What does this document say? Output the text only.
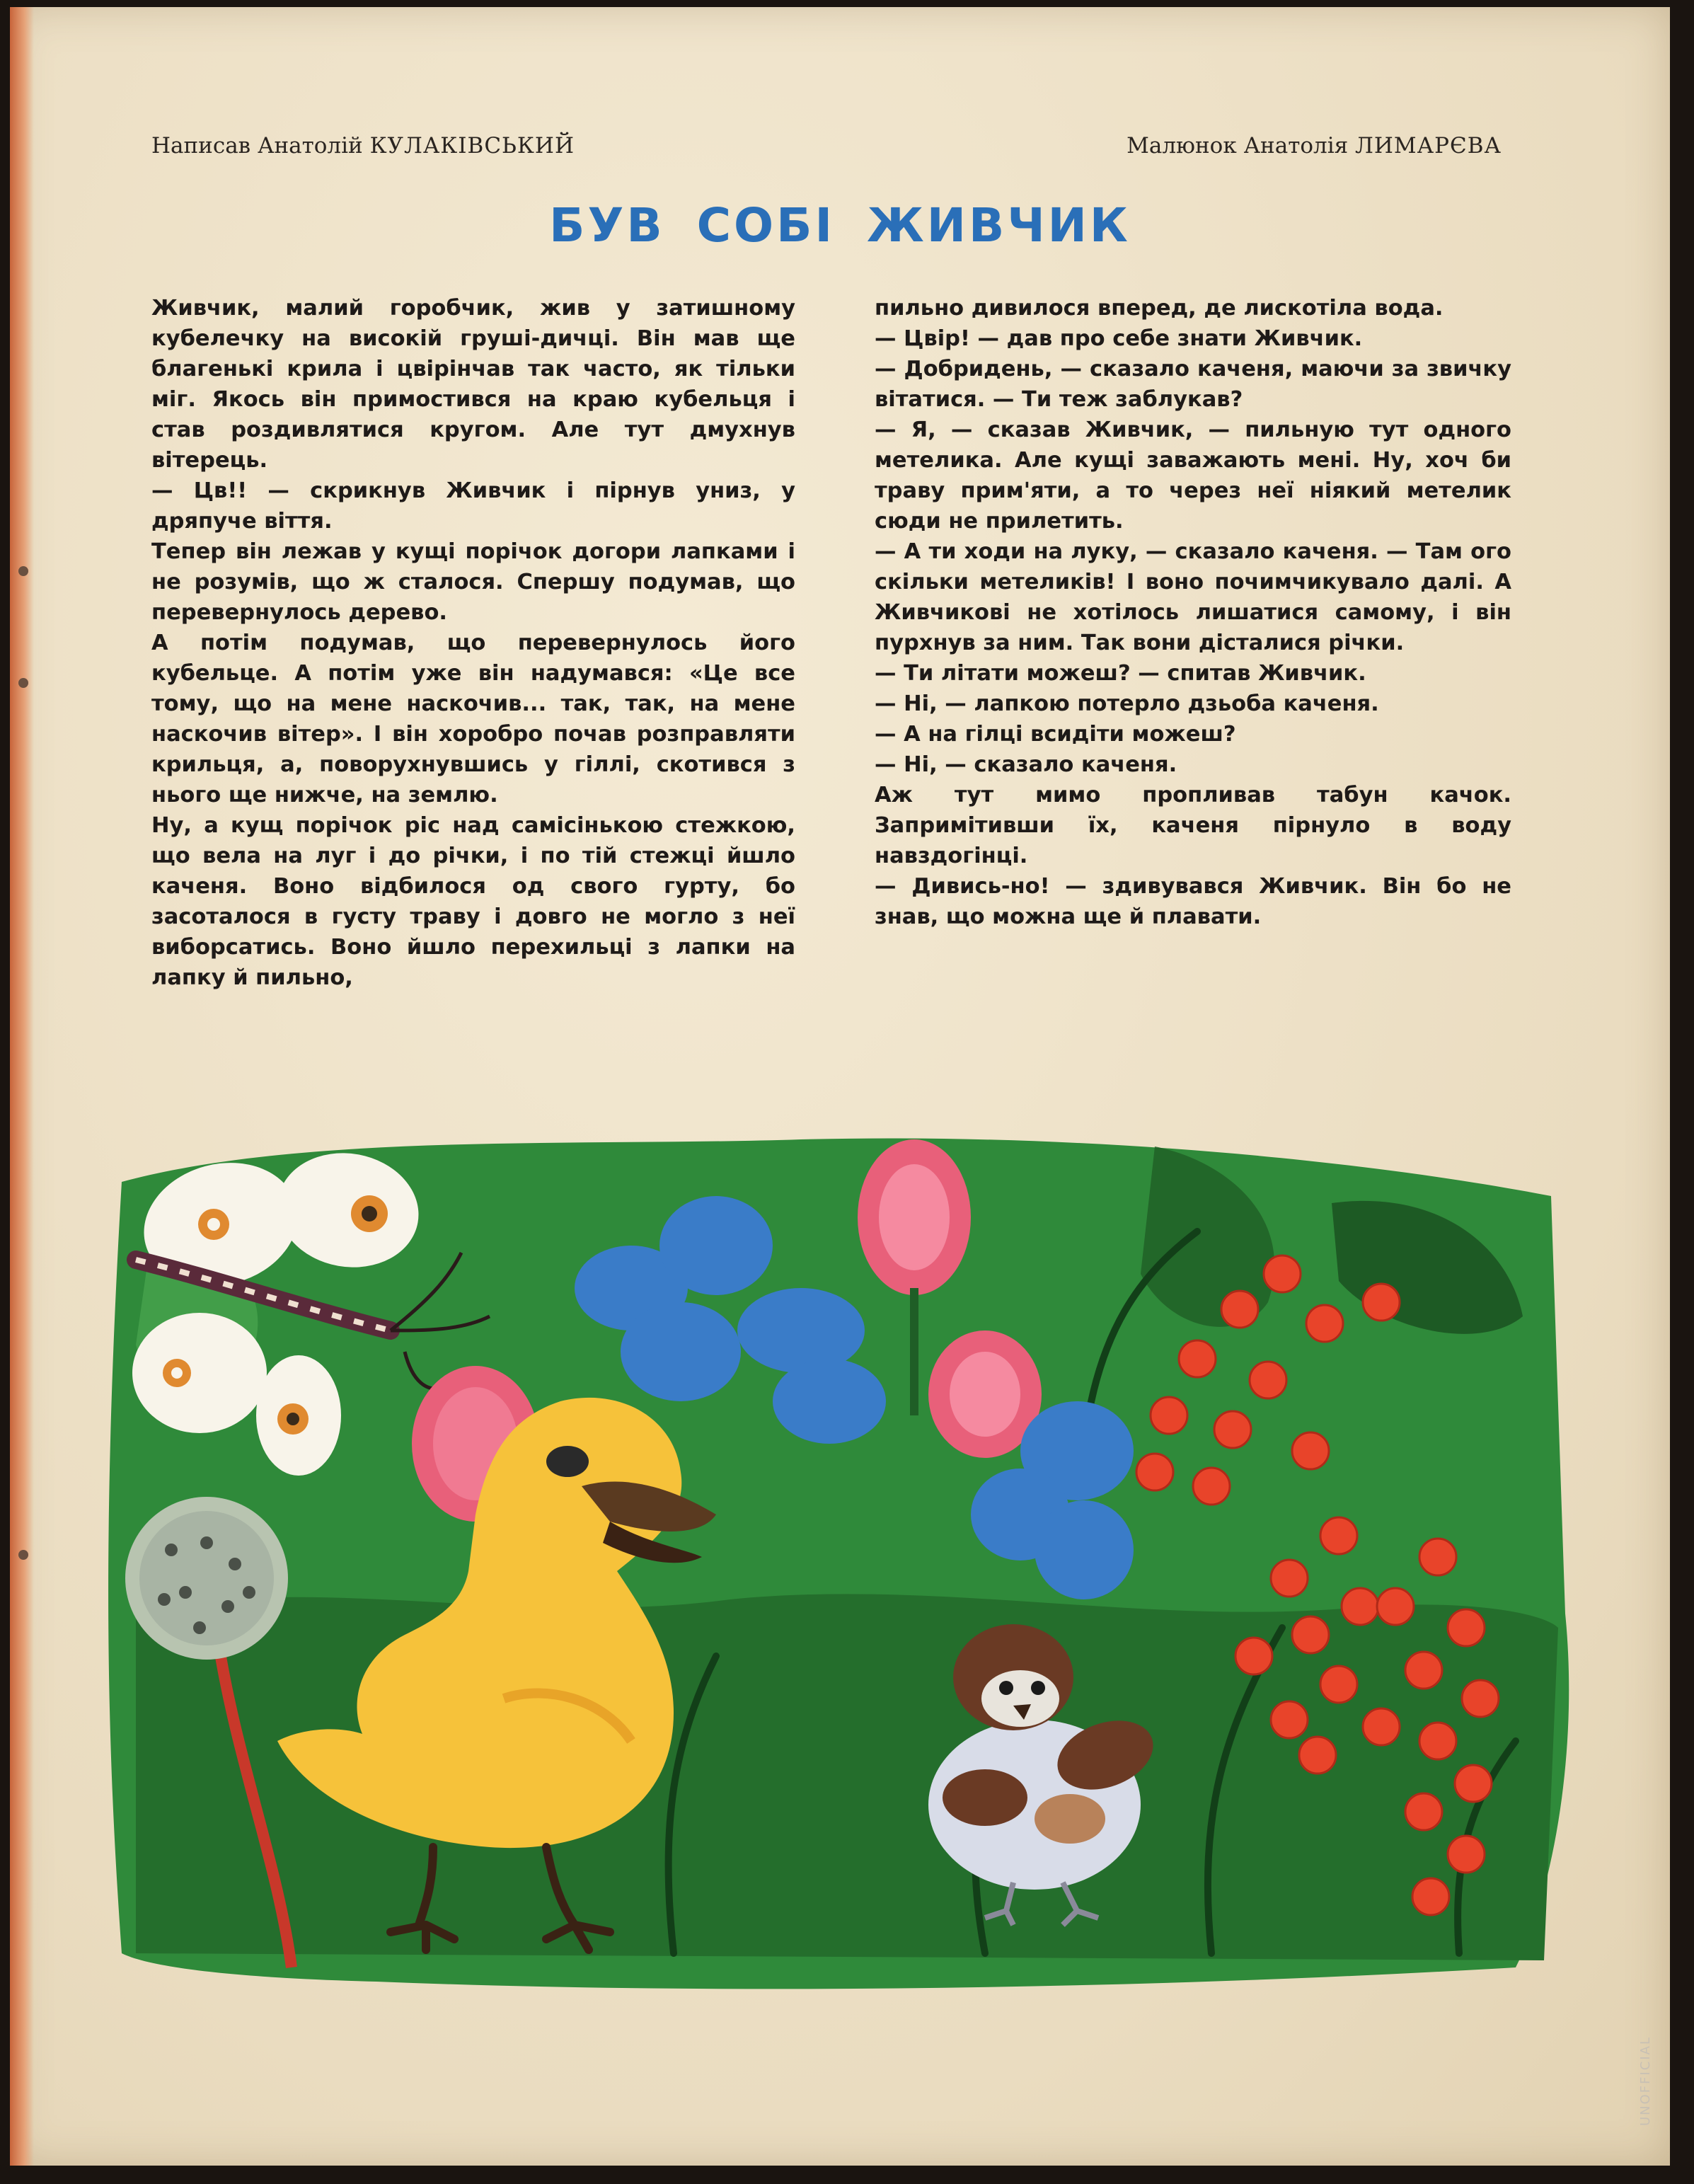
Написав Анатолій КУЛАКІВСЬКИЙ	Малюнок Анатолія ЛИМАРЄВА
БУВ СОБІ ЖИВЧИК

Живчик, малий горобчик, жив у затишному кубелечку на високій груші-дичці. Він мав ще благенькі крила і цвірінчав так часто, як тільки міг. Якось він примостився на краю кубельця і став роздивлятися кругом. Але тут дмухнув вітерець.

— Цв!! — скрикнув Живчик і пірнув униз, у дряпуче віття.

Тепер він лежав у кущі порічок догори лапками і не розумів, що ж сталося. Спершу подумав, що перевернулось дерево.

А потім подумав, що перевернулось його кубельце. А потім уже він надумався: «Це все тому, що на мене наскочив... так, так, на мене наскочив вітер». І він хоробро почав розправляти крильця, а, поворухнувшись у гіллі, скотився з нього ще нижче, на землю.

Ну, а кущ порічок ріс над самісінькою стежкою, що вела на луг і до річки, і по тій стежці йшло каченя. Воно відбилося од свого гурту, бо засоталося в густу траву і довго не могло з неї виборсатись. Воно йшло перехильці з лапки на лапку й пильно,

пильно дивилося вперед, де лискотіла вода.

— Цвір! — дав про себе знати Живчик.

— Добридень, — сказало каченя, маючи за звичку вітатися. — Ти теж заблукав?

— Я, — сказав Живчик, — пильную тут одного метелика. Але кущі заважають мені. Ну, хоч би траву прим'яти, а то через неї ніякий метелик сюди не прилетить.

— А ти ходи на луку, — сказало каченя. — Там ого скільки метеликів! І воно почимчикувало далі. А Живчикові не хотілось лишатися самому, і він пурхнув за ним. Так вони дісталися річки.

— Ти літати можеш? — спитав Живчик.

— Ні, — лапкою потерло дзьоба каченя.

— А на гілці всидіти можеш?

— Ні, — сказало каченя.

Аж тут мимо пропливав табун качок. Запримітивши їх, каченя пірнуло в воду навздогінці.

— Дивись-но! — здивувався Живчик. Він бо не знав, що можна ще й плавати.

UNOFFICIAL
